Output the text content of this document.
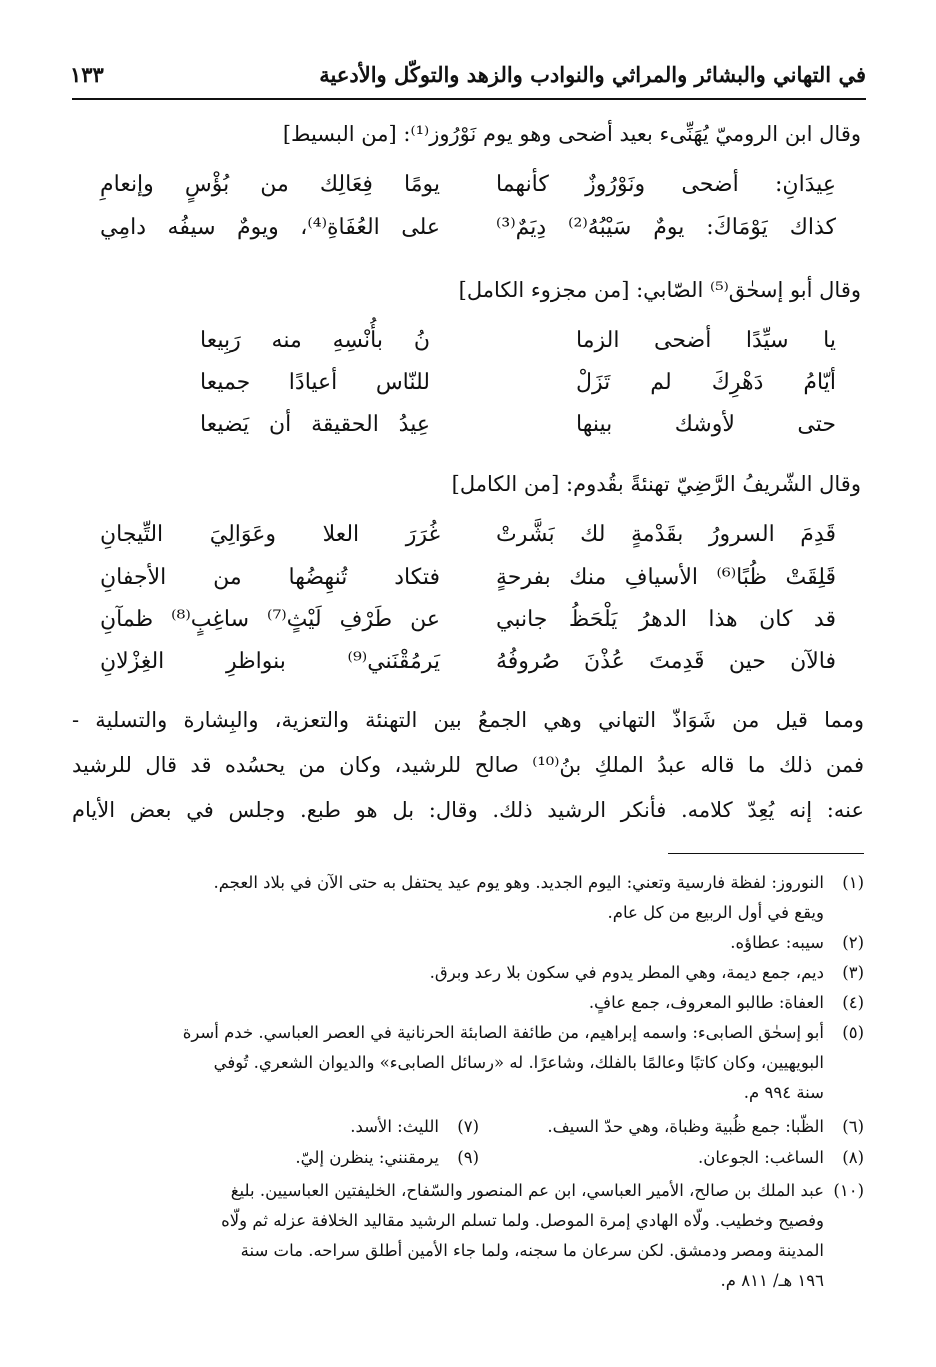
في التهاني والبشائر والمراثي والنوادب والزهد والتوكّل والأدعية
١٣٣
وقال ابن الروميّ يُهَنِّىء بعيد أضحى وهو يوم نَوْرُوز⁽¹⁾: [من البسيط]
عِيدَانِ: أضحى ونَوْرُوزٌ كأنهما
يومًا فِعَالِك من بُؤْسٍ وإنعامِ
كذاك يَوْمَاكَ: يومٌ سَيْبُهُ⁽²⁾ دِيَمٌ⁽³⁾
على العُفَاةِ⁽⁴⁾، ويومٌ سيفُه دامِي
وقال أبو إسحٰق⁽⁵⁾ الصّابي: [من مجزوء الكامل]
يا سيِّدًا أضحى الزما
نُ بأُنْسِهِ منه رَبِيعا
أيّامُ دَهْرِكَ لم تَزَلْ
للنّاس أعيادًا جميعا
حتى لأوشك بينها
عِيدُ الحقيقة أن يَضيعا
وقال الشّريفُ الرَّضِيّ تهنئةً بقُدوم: [من الكامل]
قَدِمَ السرورُ بقَدْمةٍ لك بَشَّرتْ
غُرَرَ العلا وعَوَالِيَ التِّيجانِ
قَلِقَتْ ظُبًا⁽⁶⁾ الأسيافِ منك بفرحةٍ
فتكاد تُنهِضُها من الأجفانِ
قد كان هذا الدهرُ يَلْحَظُ جانبي
عن طَرْفِ لَيْثٍ⁽⁷⁾ ساغِبٍ⁽⁸⁾ ظمآنِ
فالآن حين قَدِمتَ عُذْنَ صُروفُهُ
يَرمُقْنَني⁽⁹⁾ بنواظرِ الغِزْلانِ
ومما قيل من شَوَاذّ التهاني وهي الجمعُ بين التهنئة والتعزية، والبِشارة والتسلية -
فمن ذلك ما قاله عبدُ الملكِ بنُ⁽¹⁰⁾ صالح للرشيد، وكان من يحسُده قد قال للرشيد
عنه: إنه يُعِدّ كلامه. فأنكر الرشيد ذلك. وقال: بل هو طبع. وجلس في بعض الأيام
(١)النوروز: لفظة فارسية وتعني: اليوم الجديد. وهو يوم عيد يحتفل به حتى الآن في بلاد العجم.
ويقع في أول الربيع من كل عام.
(٢)سيبه: عطاؤه.
(٣)ديم، جمع ديمة، وهي المطر يدوم في سكون بلا رعد وبرق.
(٤)العفاة: طالبو المعروف، جمع عافٍ.
(٥)أبو إسحٰق الصابىء: واسمه إبراهيم، من طائفة الصابئة الحرنانية في العصر العباسي. خدم أسرة
البويهيين، وكان كاتبًا وعالمًا بالفلك، وشاعرًا. له «رسائل الصابىء» والديوان الشعري. تُوفي
سنة ٩٩٤ م.
(٦)الظّبا: جمع ظُبية وظباة، وهي حدّ السيف.(٧)الليث: الأسد.
(٨)الساغب: الجوعان.(٩)يرمقنني: ينظرن إليّ.
(١٠)عبد الملك بن صالح، الأمير العباسي، ابن عم المنصور والسّفاح، الخليفتين العباسيين. بليغ
وفصيح وخطيب. ولّاه الهادي إمرة الموصل. ولما تسلم الرشيد مقاليد الخلافة عزله ثم ولّاه
المدينة ومصر ودمشق. لكن سرعان ما سجنه، ولما جاء الأمين أطلق سراحه. مات سنة
١٩٦ هـ/ ٨١١ م.
